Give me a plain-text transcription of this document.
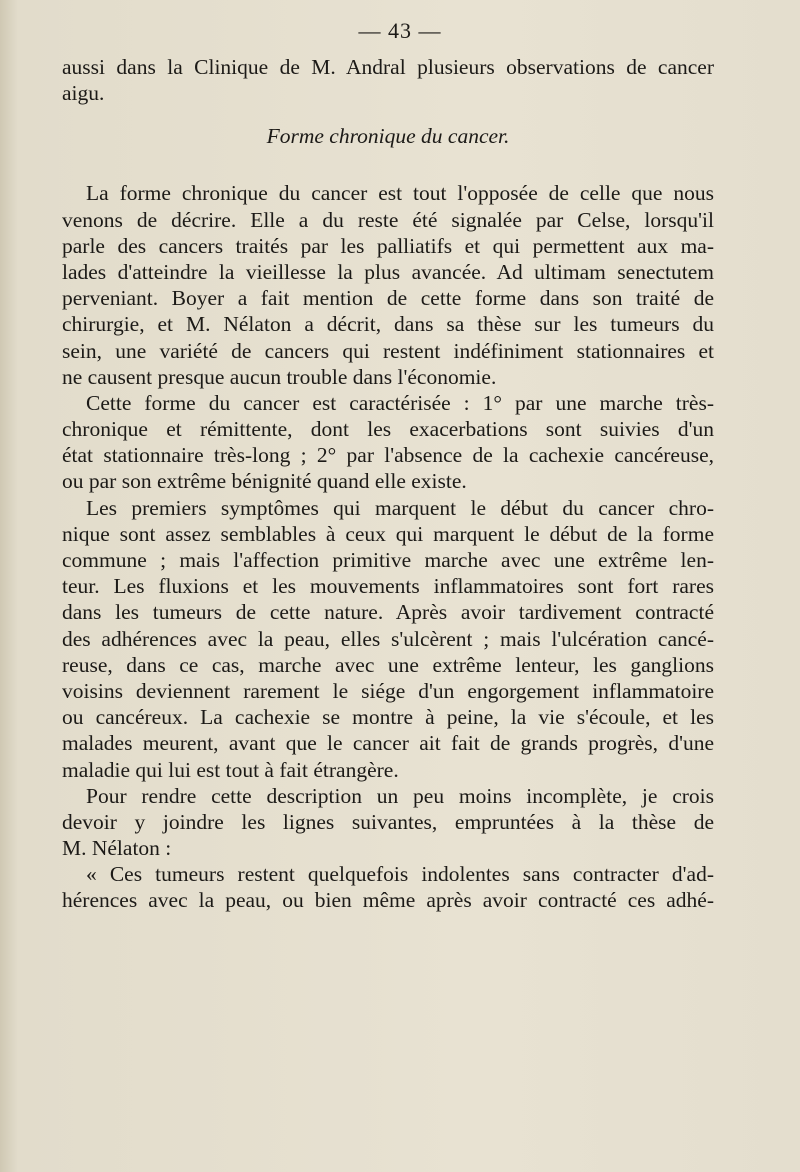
— 43 —
aussi dans la Clinique de M. Andral plusieurs observations de cancer
aigu.
Forme chronique du cancer.
La forme chronique du cancer est tout l'opposée de celle que nous
venons de décrire. Elle a du reste été signalée par Celse, lorsqu'il
parle des cancers traités par les palliatifs et qui permettent aux ma-
lades d'atteindre la vieillesse la plus avancée. Ad ultimam senectutem
perveniant. Boyer a fait mention de cette forme dans son traité de
chirurgie, et M. Nélaton a décrit, dans sa thèse sur les tumeurs du
sein, une variété de cancers qui restent indéfiniment stationnaires et
ne causent presque aucun trouble dans l'économie.
Cette forme du cancer est caractérisée : 1° par une marche très-
chronique et rémittente, dont les exacerbations sont suivies d'un
état stationnaire très-long ; 2° par l'absence de la cachexie cancéreuse,
ou par son extrême bénignité quand elle existe.
Les premiers symptômes qui marquent le début du cancer chro-
nique sont assez semblables à ceux qui marquent le début de la forme
commune ; mais l'affection primitive marche avec une extrême len-
teur. Les fluxions et les mouvements inflammatoires sont fort rares
dans les tumeurs de cette nature. Après avoir tardivement contracté
des adhérences avec la peau, elles s'ulcèrent ; mais l'ulcération cancé-
reuse, dans ce cas, marche avec une extrême lenteur, les ganglions
voisins deviennent rarement le siége d'un engorgement inflammatoire
ou cancéreux. La cachexie se montre à peine, la vie s'écoule, et les
malades meurent, avant que le cancer ait fait de grands progrès, d'une
maladie qui lui est tout à fait étrangère.
Pour rendre cette description un peu moins incomplète, je crois
devoir y joindre les lignes suivantes, empruntées à la thèse de
M. Nélaton :
« Ces tumeurs restent quelquefois indolentes sans contracter d'ad-
hérences avec la peau, ou bien même après avoir contracté ces adhé-
